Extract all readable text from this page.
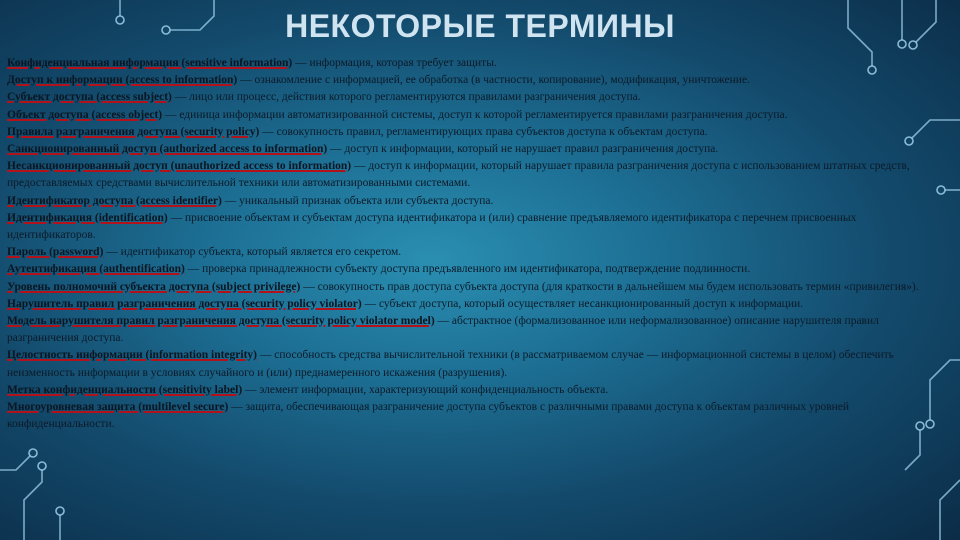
НЕКОТОРЫЕ ТЕРМИНЫ

Конфиденциальная информация (sensitive information) — информация, которая требует защиты.

Доступ к информации (access to information) — ознакомление с информацией, ее обработка (в частности, копирование), модификация, уничтожение.

Субъект доступа (access subject) — лицо или процесс, действия которого регламентируются правилами разграничения доступа.

Объект доступа (access object) — единица информации автоматизированной системы, доступ к которой регламентируется правилами разграничения доступа.

Правила разграничения доступа (security policy) — совокупность правил, регламентирующих права субъектов доступа к объектам доступа.

Санкционированный доступ (authorized access to information) — доступ к информации, который не нарушает правил разграничения доступа.

Несанкционированный доступ (unauthorized access to information) — доступ к информации, который нарушает правила разграничения доступа с использованием штатных средств, предоставляемых средствами вычислительной техники или автоматизированными системами.

Идентификатор доступа (access identifier) — уникальный признак объекта или субъекта доступа.

Идентификация (identification) — присвоение объектам и субъектам доступа идентификатора и (или) сравнение предъявляемого идентификатора с перечнем присвоенных идентификаторов.

Пароль (password) — идентификатор субъекта, который является его секретом.

Аутентификация (authentification) — проверка принадлежности субъекту доступа предъявленного им идентификатора, подтверждение подлинности.

Уровень полномочий субъекта доступа (subject privilege) — совокупность прав доступа субъекта доступа (для краткости в дальнейшем мы будем использовать термин «привилегия»).

Нарушитель правил разграничения доступа (security policy violator) — субъект доступа, который осуществляет несанкционированный доступ к информации.

Модель нарушителя правил разграничения доступа (security policy violator model) — абстрактное (формализованное или неформализованное) описание нарушителя правил разграничения доступа.

Целостность информации (information integrity) — способность средства вычислительной техники (в рассматриваемом случае — информационной системы в целом) обеспечить неизменность информации в условиях случайного и (или) преднамеренного искажения (разрушения).

Метка конфиденциальности (sensitivity label) — элемент информации, характеризующий конфиденциальность объекта.

Многоуровневая защита (multilevel secure) — защита, обеспечивающая разграничение доступа субъектов с различными правами доступа к объектам различных уровней конфиденциальности.
